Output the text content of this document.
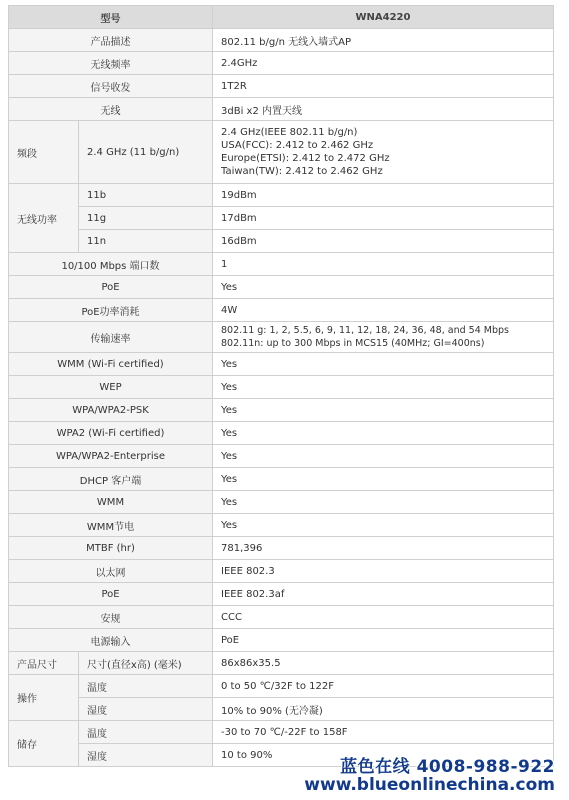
型号		WNA4220
产品描述		802.11 b/g/n 无线入墙式AP
无线频率		2.4GHz
信号收发		1T2R
无线		3dBi x2 内置天线
频段	2.4 GHz (11 b/g/n)	2.4 GHz(IEEE 802.11 b/g/n)
USA(FCC): 2.412 to 2.462 GHz
Europe(ETSI): 2.412 to 2.472 GHz
Taiwan(TW): 2.412 to 2.462 GHz

无线功率	11b	19dBm
	11g	17dBm
	11n	16dBm
10/100 Mbps 端口数		1
PoE		Yes
PoE功率消耗		4W
传输速率		802.11 g: 1, 2, 5.5, 6, 9, 11, 12, 18, 24, 36, 48, and 54 Mbps
802.11n: up to 300 Mbps in MCS15 (40MHz; GI=400ns)

WMM (Wi-Fi certified)		Yes
WEP		Yes
WPA/WPA2-PSK		Yes
WPA2 (Wi-Fi certified)		Yes
WPA/WPA2-Enterprise		Yes
DHCP 客户端		Yes
WMM		Yes
WMM节电		Yes
MTBF (hr)		781,396
以太网		IEEE 802.3
PoE		IEEE 802.3af
安规		CCC
电源输入		PoE
产品尺寸	尺寸(直径x高) (毫米)	86x86x35.5
操作	温度	0 to 50 ℃/32F to 122F
	湿度	10% to 90% (无冷凝)
储存	温度	-30 to 70 ℃/-22F to 158F
	湿度	10 to 90%
蓝色在线 4008-988-922
www.blueonlinechina.com
